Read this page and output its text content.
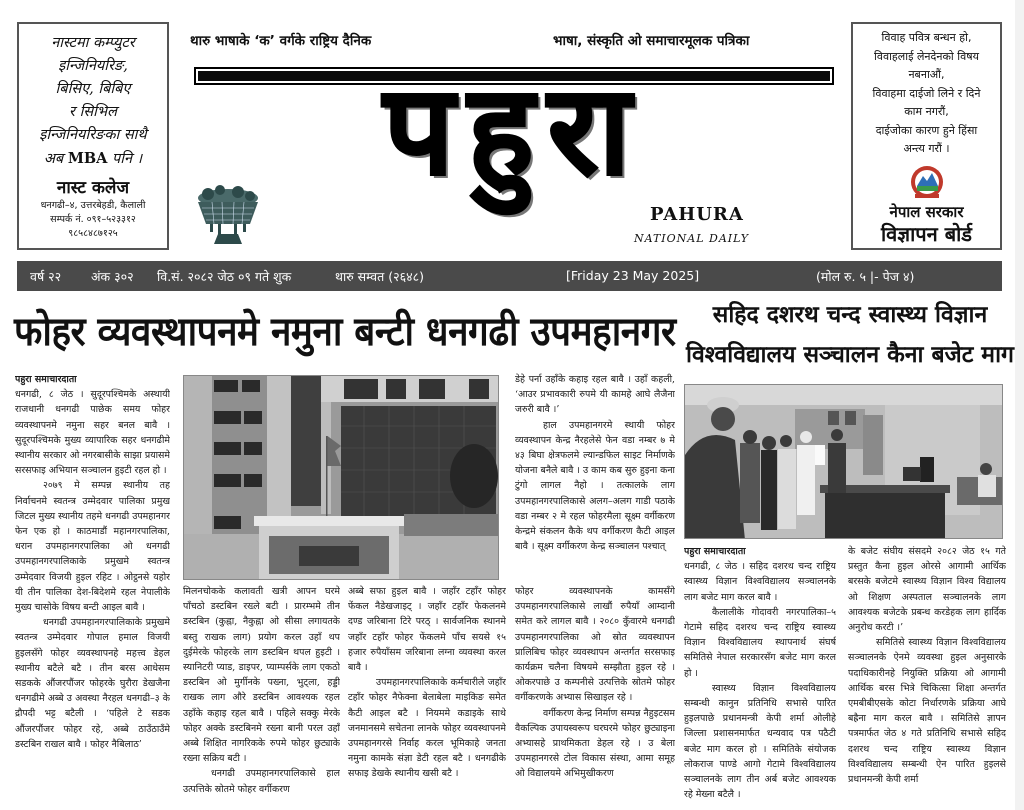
नास्टमा कम्प्युटर
इन्जिनियरिङ,
बिसिए, बिबिए
र सिभिल
इन्जिनियरिङका साथै
अब MBA पनि ।
नास्ट कलेज
धनगढी–४, उत्तरबेहडी, कैलाली
सम्पर्क नं. ०९१–५२३३१२
९८५८४८७१२५
थारु भाषाके ‘क’ वर्गके राष्ट्रिय दैनिक	भाषा, संस्कृति ओ समाचारमूलक पत्रिका
पहुरा
PAHURA
NATIONAL DAILY
विवाह पवित्र बन्धन हो,
विवाहलाई लेनदेनको विषय
नबनाऔं,
विवाहमा दाईजो लिने र दिने
काम नगरौं,
दाईजोका कारण हुने हिंसा
अन्त्य गरौं ।
नेपाल सरकार
विज्ञापन बोर्ड
वर्ष २२ अंक ३०२ वि.सं. २०८२ जेठ ०९ गते शुक	थारु सम्वत (२६४८)	[Friday 23 May 2025]	(मोल रु. ५ |- पेज ४)
फोहर व्यवस्थापनमे नमुना बन्टी धनगढी उपमहानगर	सहिद दशरथ चन्द स्वास्थ्य विज्ञान
विश्वविद्यालय सञ्चालन कैना बजेट माग

पहुरा समाचारदाता

धनगढी, ८ जेठ । सुदूरपश्चिमके अस्थायी राजधानी धनगढी पाछेक समय फोहर व्यवस्थापनमे नमुना सहर बनल बावै । सुदूरपश्चिमके मुख्य व्यापारिक सहर धनगढीमे स्थानीय सरकार ओ नगरबासीके साझा प्रयासमे सरसफाइ अभियान सञ्चालन हुइटी रहल हो ।

२०७९ मे सम्पन्न स्थानीय तह निर्वाचनमे स्वतन्त्र उम्मेदवार पालिका प्रमुख जिटल मुख्य स्थानीय तहमे धनगढी उपमहानगर फेन एक हो । काठमाडौं महानगरपालिका, धरान उपमहानगरपालिका ओ धनगढी उपमहानगरपालिकाके प्रमुखमे स्वतन्त्र उम्मेदवार विजयी हुइल रहिट । ओट्ठनसे यहोर यी तीन पालिका देश-बिदेशमे रहल नेपालीके मुख्य चासोके विषय बन्टी आइल बावै ।

धनगढी उपमहानगरपालिकाके प्रमुखमे स्वतन्त्र उम्मेदवार गोपाल हमाल विजयी हुइलसँगे फोहर व्यवस्थापनहे महत्त्व डेहल स्थानीय बटैले बटै । तीन बरस आधेसम सडकके औंजरपौंजर फोहरके घुरौरा डेखजैना धनगढीमे अब्बे उ अवस्था नैरहल धनगढी–३ के द्रौपदी भट्ट बटैली । ‘पहिले टे सडक औंजरपौंजर फोहर रहे, अब्बे ठाउँठाउँमे डस्टबिन राखल बावै । फोहर नैबिलाठ’

मिलनचोकके कलावती खत्री आपन घरमे पाँचठो डस्टबिन रख्ले बटी । प्रारम्भमे तीन डस्टबिन (कुह्ना, नैकुह्ना ओ सीसा लगायतके बस्तु राखक लाग) प्रयोग करल उहाँ थप दुईमेरके फोहरके लाग डस्टबिन थपल हुइटी । स्यानिटरी प्याड, डाइपर, प्याम्पर्सके लाग एकठो डस्टबिन ओ मुर्गीनके पख्ना, भुट्ला, हड्डी राखक लाग औरे डस्टबिन आवश्यक रहल उहाँके कहाइ रहल बावै । पहिले सक्कु मेरके फोहर अक्के डस्टबिनमे रख्ना बानी परल उहाँ अब्बे शिक्षित नागरिकके रुपमे फोहर छुट्याके रख्ना सक्रिय बटी ।

धनगढी उपमहानगरपालिकासे हाल उत्पत्तिके स्रोतमे फोहर वर्गीकरण

अब्बे सफा हुइल बावै । जहाँर टहाँर फोहर फेंकल नैडेखजाइट् । जहाँर टहाँर फेकलनमे दण्ड जरिबाना टिरे परठ् । सार्वजनिक स्थानमे जहाँर टहाँर फोहर फेंकलमे पाँच सयसे १५ हजार रुपैयाँसम जरिबाना लग्ना व्यवस्था करल बावै ।

उपमहानगरपालिकाके कर्मचारीले जहाँर टहाँर फोहर नैफेक्ना बेलाबेला माइकिङ समेत कैटी आइल बटै । नियममे कडाइके साथे जनमानसमे सचेतना लानके फोहर व्यवस्थापनमे उपमहानगरसे निर्वाह करल भूमिकाहे जनता नमुना कामके संज्ञा डेटी रहल बटै । धनगढीके सफाइ डेखके स्थानीय खसी बटै ।

डेहे पर्ना उहाँके कहाइ रहल बावै । उहाँ कहली, ‘आउर प्रभावकारी रुपमे यी कामहे आघे लैजैना जरुरी बावै ।’

हाल उपमहानगरमे स्थायी फोहर व्यवस्थापन केन्द्र नैरहलेसे फेन वडा नम्बर ७ मे ४३ बिघा क्षेत्रफलमे ल्यान्डफिल साइट निर्माणके योजना बनैले बावै । उ काम कब सुरु हुइना कना टुंगो लागल नैहो । तत्कालके लाग उपमहानगरपालिकासे अलग–अलग गाडी पठाके वडा नम्बर २ मे रहल फोहरमैला सूक्ष्म वर्गीकरण केन्द्रमे संकलन कैके थप वर्गीकरण कैटी आइल बावै । सूक्ष्म वर्गीकरण केन्द्र सञ्चालन पश्चात्

फोहर व्यवस्थापनके कामसँगे उपमहानगरपालिकासे लाखौं रुपैयाँ आम्दानी समेत करे लागल बावै । २०८० कुँवारमे धनगढी उपमहानगरपालिका ओ स्रोत व्यवस्थापन प्रालिबिच फोहर व्यवस्थापन अन्तर्गत सरसफाइ कार्यक्रम चलैना विषयमे सम्झौता हुइल रहे । ओकरपाछे उ कम्पनीसे उत्पत्तिके स्रोतमे फोहर वर्गीकरणके अभ्यास सिखाइल रहे ।

वर्गीकरण केन्द्र निर्माण सम्पन्न नैहुइटसम वैकल्पिक उपायस्वरूप घरघरमे फोहर छुट्याइना अभ्यासहे प्राथमिकता डेहल रहे । उ बेला उपमहानगरसे टोल विकास संस्था, आमा समूह ओ विद्यालयमे अभिमुखीकरण

पहुरा समाचारदाता

धनगढी, ८ जेठ । सहिद दशरथ चन्द राष्ट्रिय स्वास्थ्य विज्ञान विश्वविद्यालय सञ्चालनके लाग बजेट माग करल बावै ।

कैलालीके गोदावरी नगरपालिका–५ गेटामे सहिद दशरथ चन्द राष्ट्रिय स्वास्थ्य विज्ञान विश्वविद्यालय स्थापनार्थ संघर्ष समितिसे नेपाल सरकारसँग बजेट माग करल हो ।

स्वास्थ्य विज्ञान विश्वविद्यालय सम्बन्धी कानुन प्रतिनिधि सभासे पारित हुइलपाछे प्रधानमन्त्री केपी शर्मा ओलीहे जिल्ला प्रशासनमार्फत धन्यवाद पत्र पठैटी बजेट माग करल हो । समितिके संयोजक लोकराज पाण्डे आगो गेटामे विश्वविद्यालय सञ्चालनके लाग तीन अर्ब बजेट आवश्यक रहे मेख्ना बटैलै ।

के बजेट संघीय संसदमे २०८२ जेठ १५ गते प्रस्तुत कैना हुइल ओरसे आगामी आर्थिक बरसके बजेटमे स्वास्थ्य विज्ञान विश्व विद्यालय ओ शिक्षण अस्पताल सञ्चालनके लाग आवश्यक बजेटके प्रबन्ध करडेहक लाग हार्दिक अनुरोध करटी ।’

समितिसे स्वास्थ्य विज्ञान विश्वविद्यालय सञ्चालनके ऐनमे व्यवस्था हुइल अनुसारके पदाधिकारीनहे नियुक्ति प्रक्रिया ओ आगामी आर्थिक बरस भित्रे चिकित्सा शिक्षा अन्तर्गत एमबीबीएसके कोटा निर्धारणके प्रक्रिया आघे बह्रैना माग करल बावै । समितिसे ज्ञापन पत्रमार्फत जेठ ४ गते प्रतिनिधि सभासे सहिद दशरथ चन्द राष्ट्रिय स्वास्थ्य विज्ञान विश्वविद्यालय सम्बन्धी ऐन पारित हुइलसे प्रधानमन्त्री केपी शर्मा
